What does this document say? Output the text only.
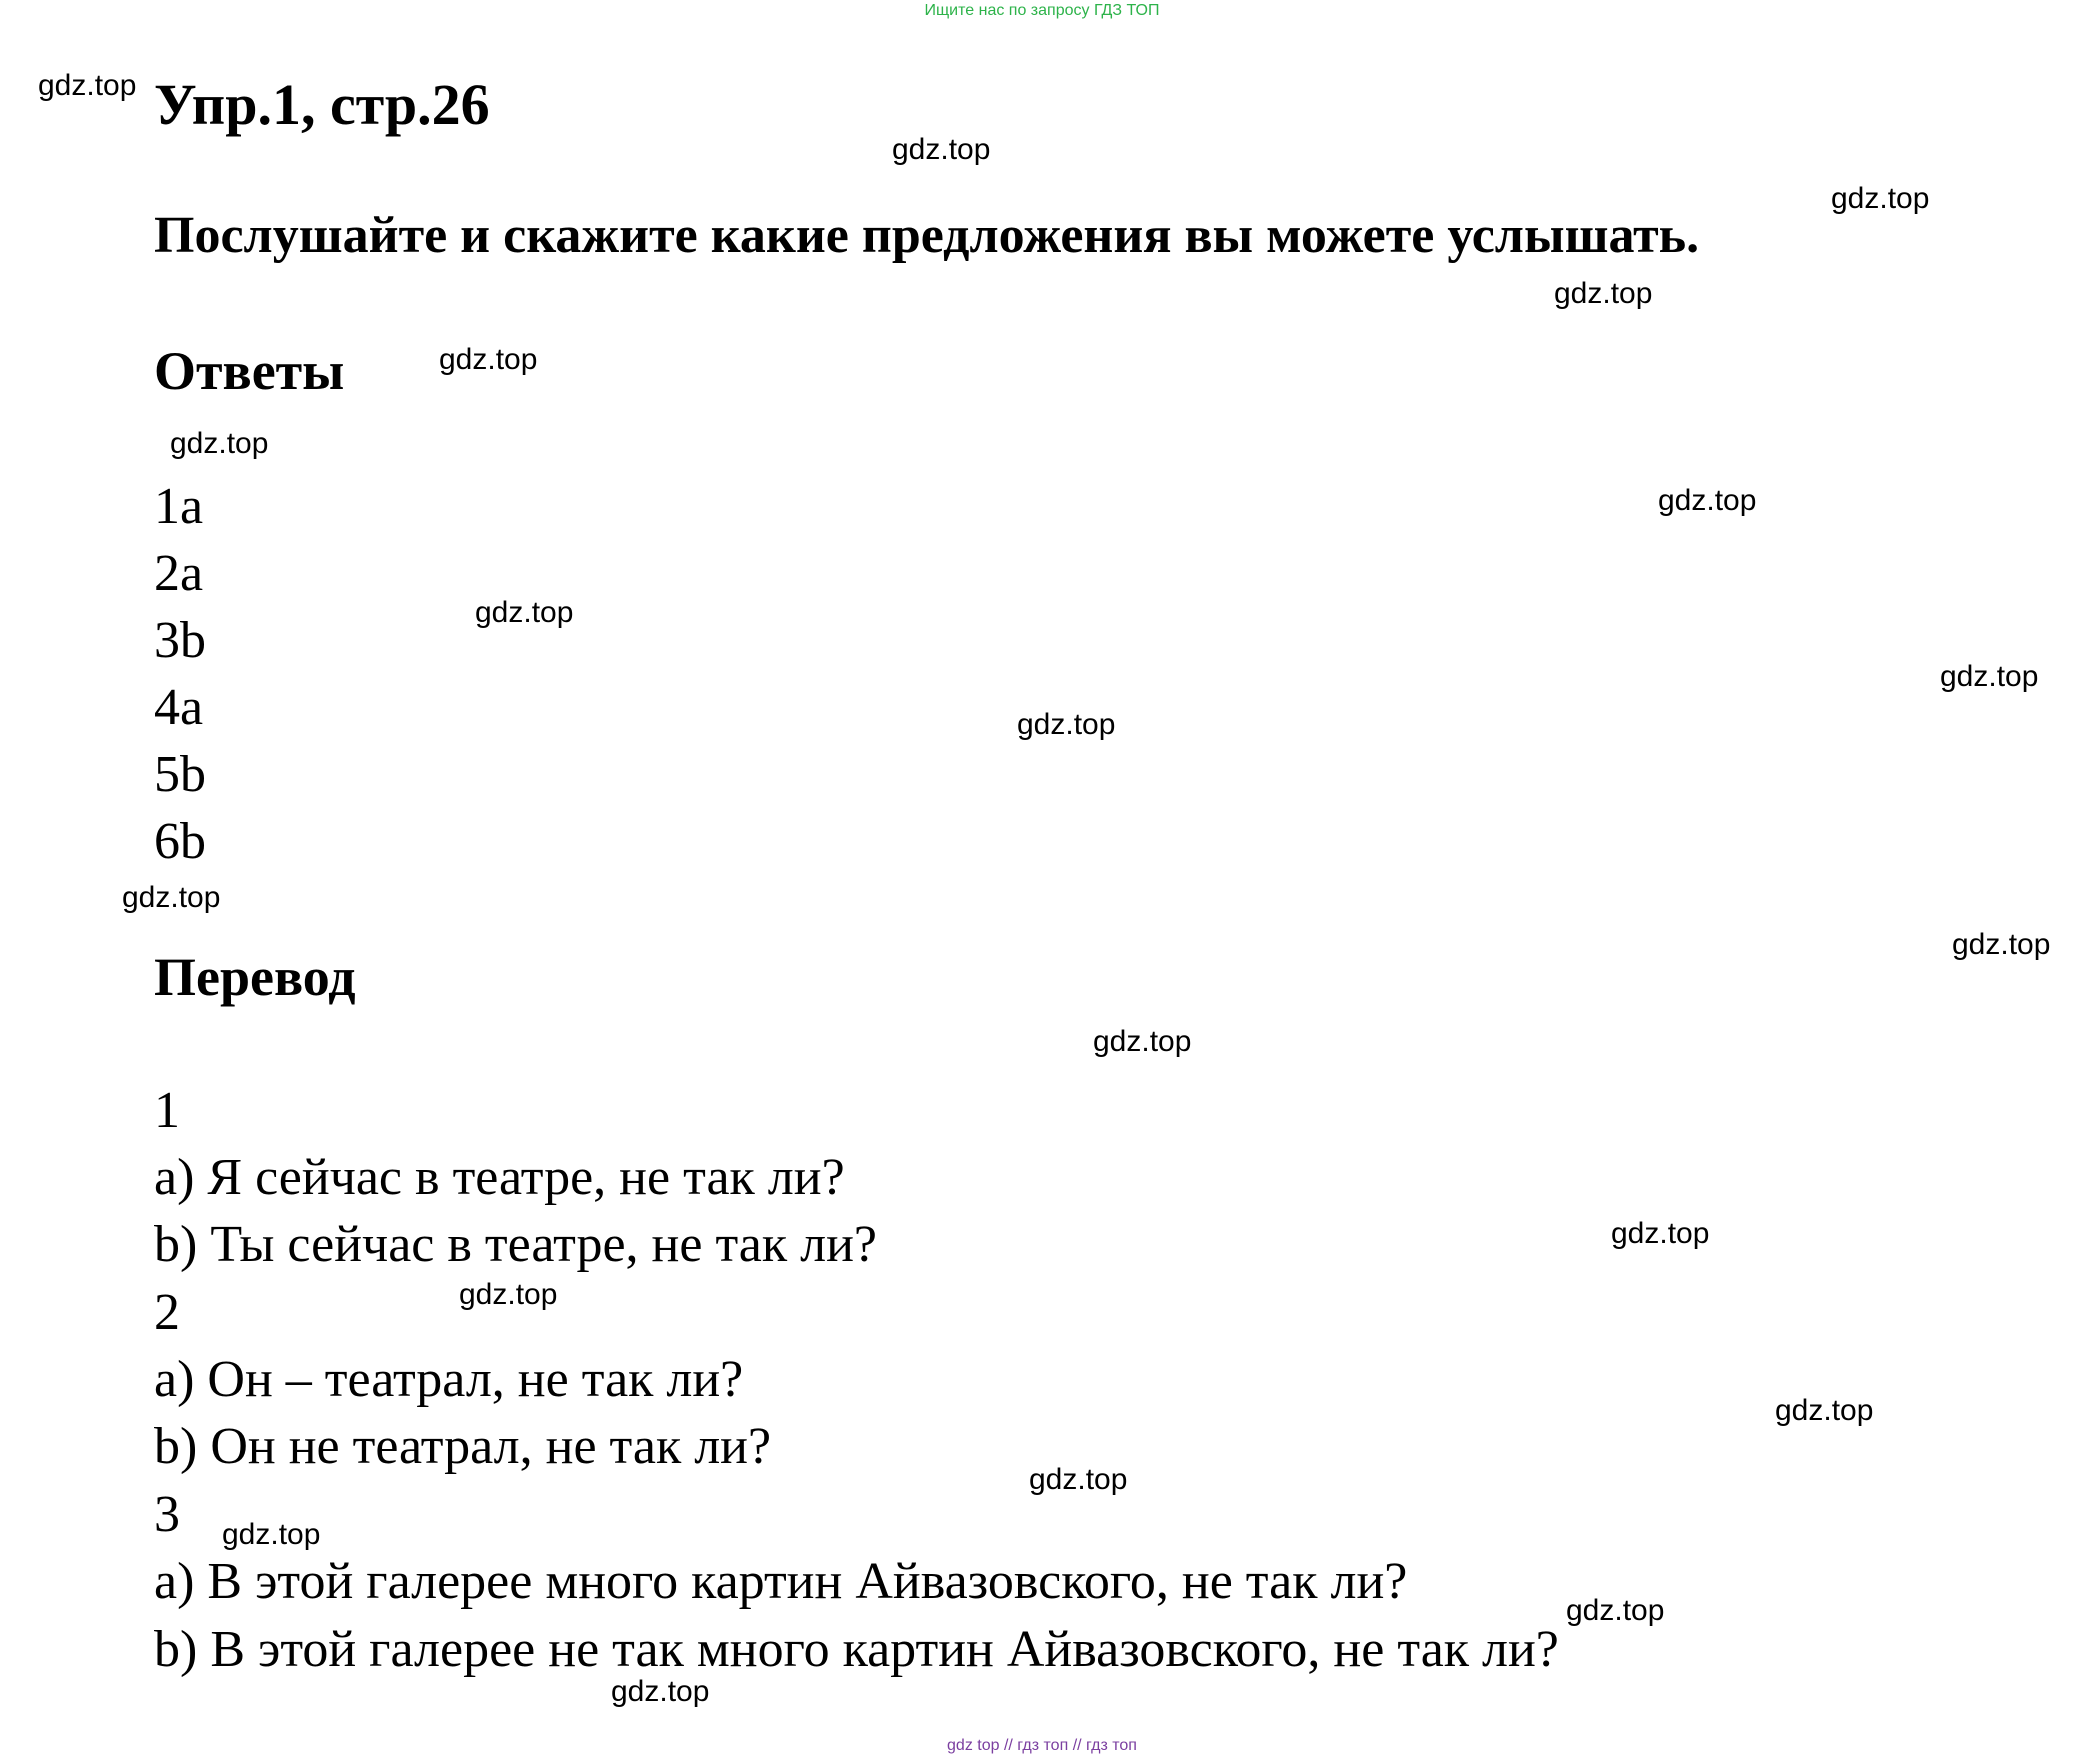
Ищите нас по запросу ГДЗ ТОП
Упр.1, стр.26
Послушайте и скажите какие предложения вы можете услышать.
Ответы
1a
2a
3b
4a
5b
6b
Перевод
1
a) Я сейчас в театре, не так ли?
b) Ты сейчас в театре, не так ли?
2
a) Он – театрал, не так ли?
b) Он не театрал, не так ли?
3
a) В этой галерее много картин Айвазовского, не так ли?
b) В этой галерее не так много картин Айвазовского, не так ли?
gdz.top
gdz.top
gdz.top
gdz.top
gdz.top
gdz.top
gdz.top
gdz.top
gdz.top
gdz.top
gdz.top
gdz.top
gdz.top
gdz.top
gdz.top
gdz.top
gdz.top
gdz.top
gdz.top
gdz.top
gdz top // гдз топ // гдз топ
